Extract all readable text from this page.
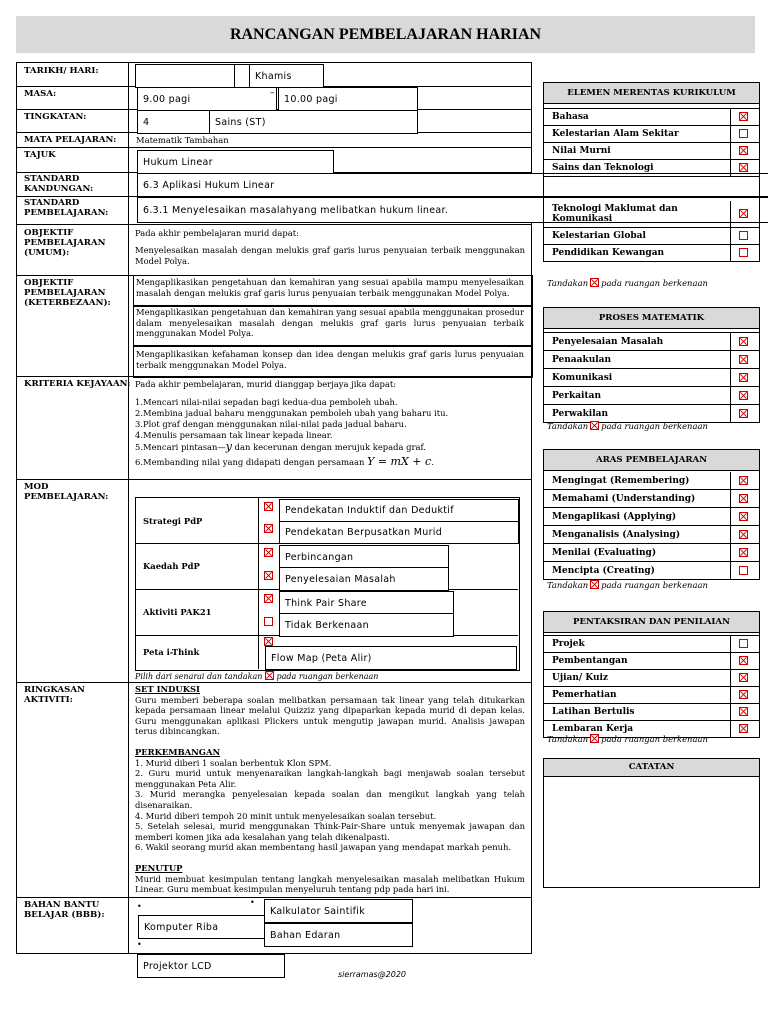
RANCANGAN PEMBELAJARAN HARIAN
TARIKH/ HARI:
MASA:
TINGKATAN:
MATA PELAJARAN:
TAJUK
STANDARD KANDUNGAN:
STANDARD PEMBELAJARAN:
OBJEKTIF PEMBELAJARAN (UMUM):
OBJEKTIF PEMBELAJARAN (KETERBEZAAN):
KRITERIA KEJAYAAN:
MOD PEMBELAJARAN:
RINGKASAN AKTIVITI:
BAHAN BANTU BELAJAR (BBB):
Khamis
9.00 pagi
–
10.00 pagi
4	Sains (ST)
Matematik Tambahan
Hukum Linear
6.3 Aplikasi Hukum Linear
6.3.1 Menyelesaikan masalahyang melibatkan hukum linear.
Pada akhir pembelajaran murid dapat:
Menyelesaikan masalah dengan melukis graf garis lurus penyuaian terbaik menggunakan Model Polya.
Mengaplikasikan pengetahuan dan kemahiran yang sesuai apabila mampu menyelesaikan masalah dengan melukis graf garis lurus penyuaian terbaik menggunakan Model Polya.
Mengaplikasikan pengetahuan dan kemahiran yang sesuai apabila menggunakan prosedur dalam menyelesaikan masalah dengan melukis graf garis lurus penyuaian terbaik menggunakan Model Polya.
Mengaplikasikan kefahaman konsep dan idea dengan melukis graf garis lurus penyuaian terbaik menggunakan Model Polya.
Pada akhir pembelajaran, murid dianggap berjaya jika dapat:
1.Mencari nilai-nilai sepadan bagi kedua-dua pemboleh ubah.
2.Membina jadual baharu menggunakan pemboleh ubah yang baharu itu.
3.Plot graf dengan menggunakan nilai-nilai pada jadual baharu.
4.Menulis persamaan tak linear kepada linear.
5.Mencari pintasan—y dan kecerunan dengan merujuk kepada graf.
6.Membanding nilai yang didapati dengan persamaan Y = mX + c.
Strategi PdP
Kaedah PdP
Aktiviti PAK21
Peta i-Think
Pendekatan Induktif dan Deduktif
Pendekatan Berpusatkan Murid
Perbincangan
Penyelesaian Masalah
Think Pair Share
Tidak Berkenaan
Flow Map (Peta Alir)
Pilih dari senarai dan tandakan pada ruangan berkenaan
SET INDUKSI
Guru memberi beberapa soalan melibatkan persamaan tak linear yang telah ditukarkan kepada persamaan linear melalui Quizziz yang dipaparkan kepada murid di depan kelas. Guru menggunakan aplikasi Plickers untuk mengutip jawapan murid. Analisis jawapan terus dibincangkan.
PERKEMBANGAN
1. Murid diberi 1 soalan berbentuk Klon SPM.
2. Guru murid untuk menyenaraikan langkah-langkah bagi menjawab soalan tersebut menggunakan Peta Alir.
3. Murid merangka penyelesaian kepada soalan dan mengikut langkah yang telah disenaraikan.
4. Murid diberi tempoh 20 minit untuk menyelesaikan soalan tersebut.
5. Setelah selesai, murid menggunakan Think-Pair-Share untuk menyemak jawapan dan memberi komen jika ada kesalahan yang telah dikenalpasti.
6. Wakil seorang murid akan membentang hasil jawapan yang mendapat markah penuh.
PENUTUP
Murid membuat kesimpulan tentang langkah menyelesaikan masalah melibatkan Hukum Linear. Guru membuat kesimpulan menyeluruh tentang pdp pada hari ini.
•	•
•
Komputer Riba
Kalkulator Saintifik
Bahan Edaran
Projektor LCD
sierramas@2020
ELEMEN MERENTAS KURIKULUM
Bahasa
Kelestarian Alam Sekitar
Nilai Murni
Sains dan Teknologi
Teknologi Maklumat dan Komunikasi
Kelestarian Global
Pendidikan Kewangan
Tandakan pada ruangan berkenaan
PROSES MATEMATIK
Penyelesaian Masalah
Penaakulan
Komunikasi
Perkaitan
Perwakilan
Tandakan pada ruangan berkenaan
ARAS PEMBELAJARAN
Mengingat (Remembering)
Memahami (Understanding)
Mengaplikasi (Applying)
Menganalisis (Analysing)
Menilai (Evaluating)
Mencipta (Creating)
Tandakan pada ruangan berkenaan
PENTAKSIRAN DAN PENILAIAN
Projek
Pembentangan
Ujian/ Kuiz
Pemerhatian
Latihan Bertulis
Lembaran Kerja
Tandakan pada ruangan berkenaan
CATATAN
